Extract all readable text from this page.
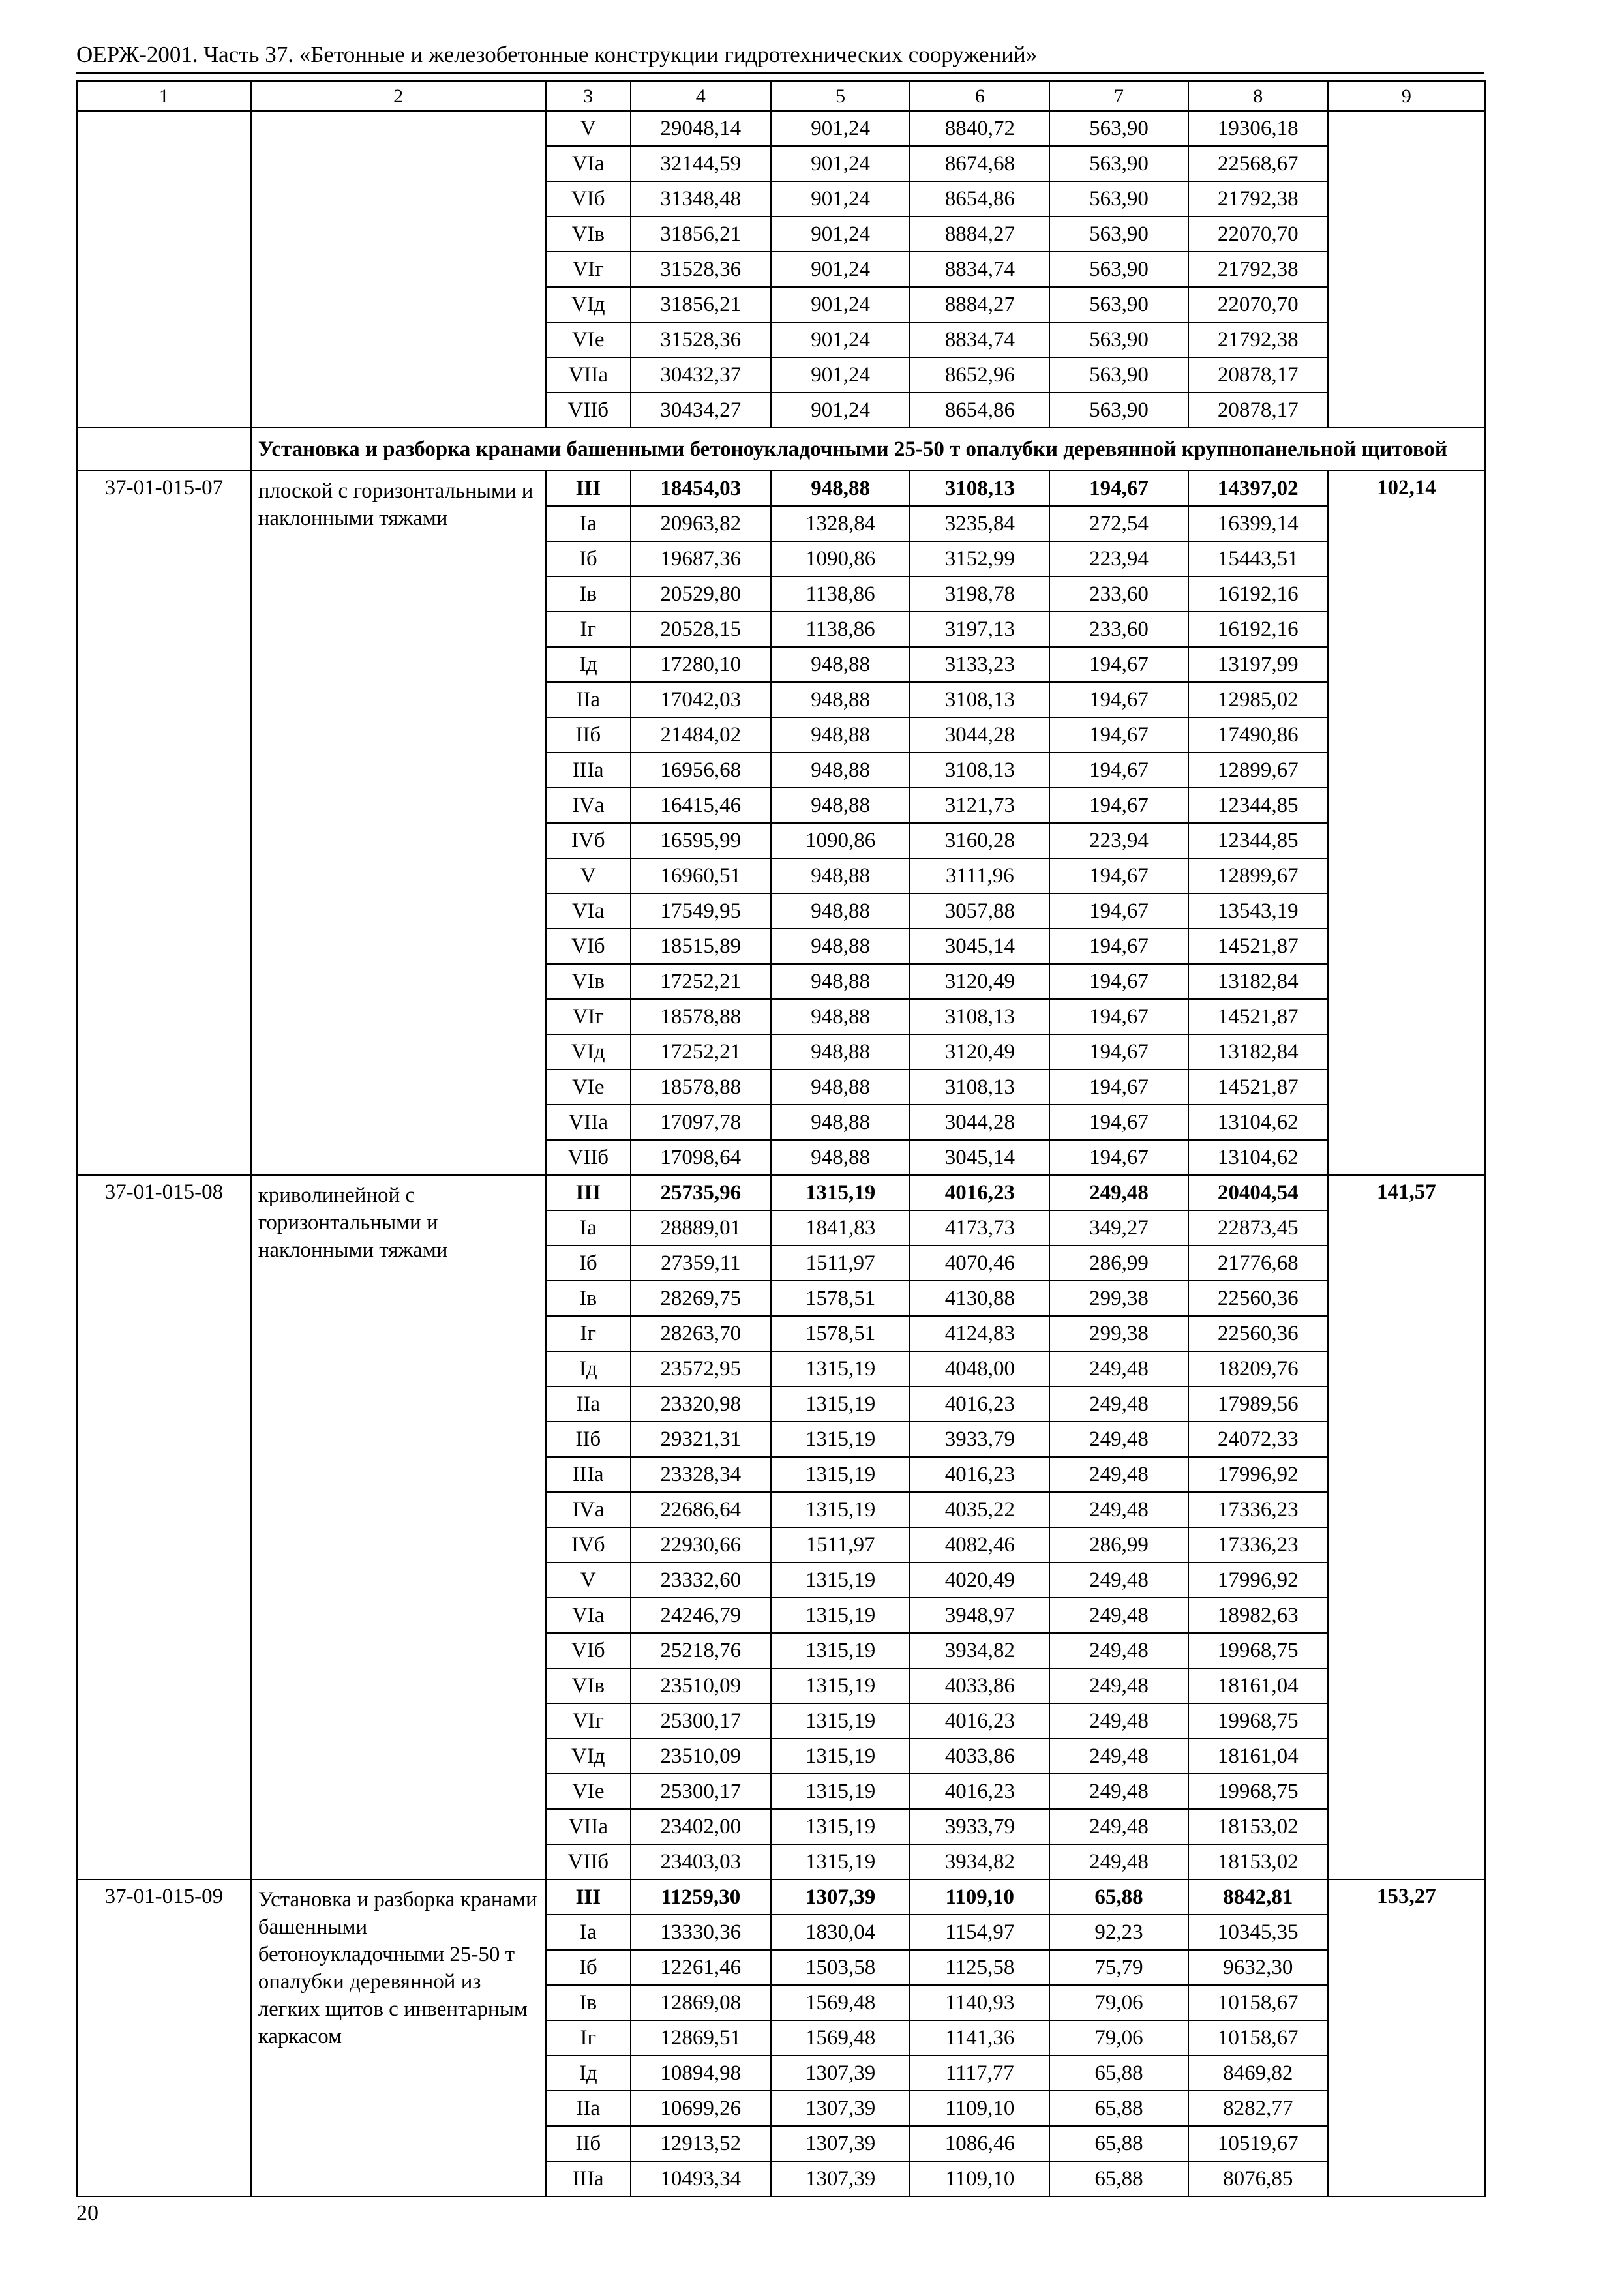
ОЕРЖ-2001. Часть 37. «Бетонные и железобетонные конструкции гидротехнических сооружений»
1	2	3	4	5	6	7	8	9
		V	29048,14	901,24	8840,72	563,90	19306,18	
		VIа	32144,59	901,24	8674,68	563,90	22568,67	
		VIб	31348,48	901,24	8654,86	563,90	21792,38	
		VIв	31856,21	901,24	8884,27	563,90	22070,70	
		VIг	31528,36	901,24	8834,74	563,90	21792,38	
		VIд	31856,21	901,24	8884,27	563,90	22070,70	
		VIе	31528,36	901,24	8834,74	563,90	21792,38	
		VIIа	30432,37	901,24	8652,96	563,90	20878,17	
		VIIб	30434,27	901,24	8654,86	563,90	20878,17	
	Установка и разборка кранами башенными бетоноукладочными 25-50 т опалубки деревянной крупнопанельной щитовой							
37-01-015-07	плоской с горизонтальными и наклонными тяжами	III	18454,03	948,88	3108,13	194,67	14397,02	102,14
		Iа	20963,82	1328,84	3235,84	272,54	16399,14	
		Iб	19687,36	1090,86	3152,99	223,94	15443,51	
		Iв	20529,80	1138,86	3198,78	233,60	16192,16	
		Iг	20528,15	1138,86	3197,13	233,60	16192,16	
		Iд	17280,10	948,88	3133,23	194,67	13197,99	
		IIа	17042,03	948,88	3108,13	194,67	12985,02	
		IIб	21484,02	948,88	3044,28	194,67	17490,86	
		IIIа	16956,68	948,88	3108,13	194,67	12899,67	
		IVа	16415,46	948,88	3121,73	194,67	12344,85	
		IVб	16595,99	1090,86	3160,28	223,94	12344,85	
		V	16960,51	948,88	3111,96	194,67	12899,67	
		VIа	17549,95	948,88	3057,88	194,67	13543,19	
		VIб	18515,89	948,88	3045,14	194,67	14521,87	
		VIв	17252,21	948,88	3120,49	194,67	13182,84	
		VIг	18578,88	948,88	3108,13	194,67	14521,87	
		VIд	17252,21	948,88	3120,49	194,67	13182,84	
		VIе	18578,88	948,88	3108,13	194,67	14521,87	
		VIIа	17097,78	948,88	3044,28	194,67	13104,62	
		VIIб	17098,64	948,88	3045,14	194,67	13104,62	
37-01-015-08	криволинейной с горизонтальными и наклонными тяжами	III	25735,96	1315,19	4016,23	249,48	20404,54	141,57
		Iа	28889,01	1841,83	4173,73	349,27	22873,45	
		Iб	27359,11	1511,97	4070,46	286,99	21776,68	
		Iв	28269,75	1578,51	4130,88	299,38	22560,36	
		Iг	28263,70	1578,51	4124,83	299,38	22560,36	
		Iд	23572,95	1315,19	4048,00	249,48	18209,76	
		IIа	23320,98	1315,19	4016,23	249,48	17989,56	
		IIб	29321,31	1315,19	3933,79	249,48	24072,33	
		IIIа	23328,34	1315,19	4016,23	249,48	17996,92	
		IVа	22686,64	1315,19	4035,22	249,48	17336,23	
		IVб	22930,66	1511,97	4082,46	286,99	17336,23	
		V	23332,60	1315,19	4020,49	249,48	17996,92	
		VIа	24246,79	1315,19	3948,97	249,48	18982,63	
		VIб	25218,76	1315,19	3934,82	249,48	19968,75	
		VIв	23510,09	1315,19	4033,86	249,48	18161,04	
		VIг	25300,17	1315,19	4016,23	249,48	19968,75	
		VIд	23510,09	1315,19	4033,86	249,48	18161,04	
		VIе	25300,17	1315,19	4016,23	249,48	19968,75	
		VIIа	23402,00	1315,19	3933,79	249,48	18153,02	
		VIIб	23403,03	1315,19	3934,82	249,48	18153,02	
37-01-015-09	Установка и разборка кранами башенными бетоноукладочными 25-50 т опалубки деревянной из легких щитов с инвентарным каркасом	III	11259,30	1307,39	1109,10	65,88	8842,81	153,27
		Iа	13330,36	1830,04	1154,97	92,23	10345,35	
		Iб	12261,46	1503,58	1125,58	75,79	9632,30	
		Iв	12869,08	1569,48	1140,93	79,06	10158,67	
		Iг	12869,51	1569,48	1141,36	79,06	10158,67	
		Iд	10894,98	1307,39	1117,77	65,88	8469,82	
		IIа	10699,26	1307,39	1109,10	65,88	8282,77	
		IIб	12913,52	1307,39	1086,46	65,88	10519,67	
		IIIа	10493,34	1307,39	1109,10	65,88	8076,85	
20
